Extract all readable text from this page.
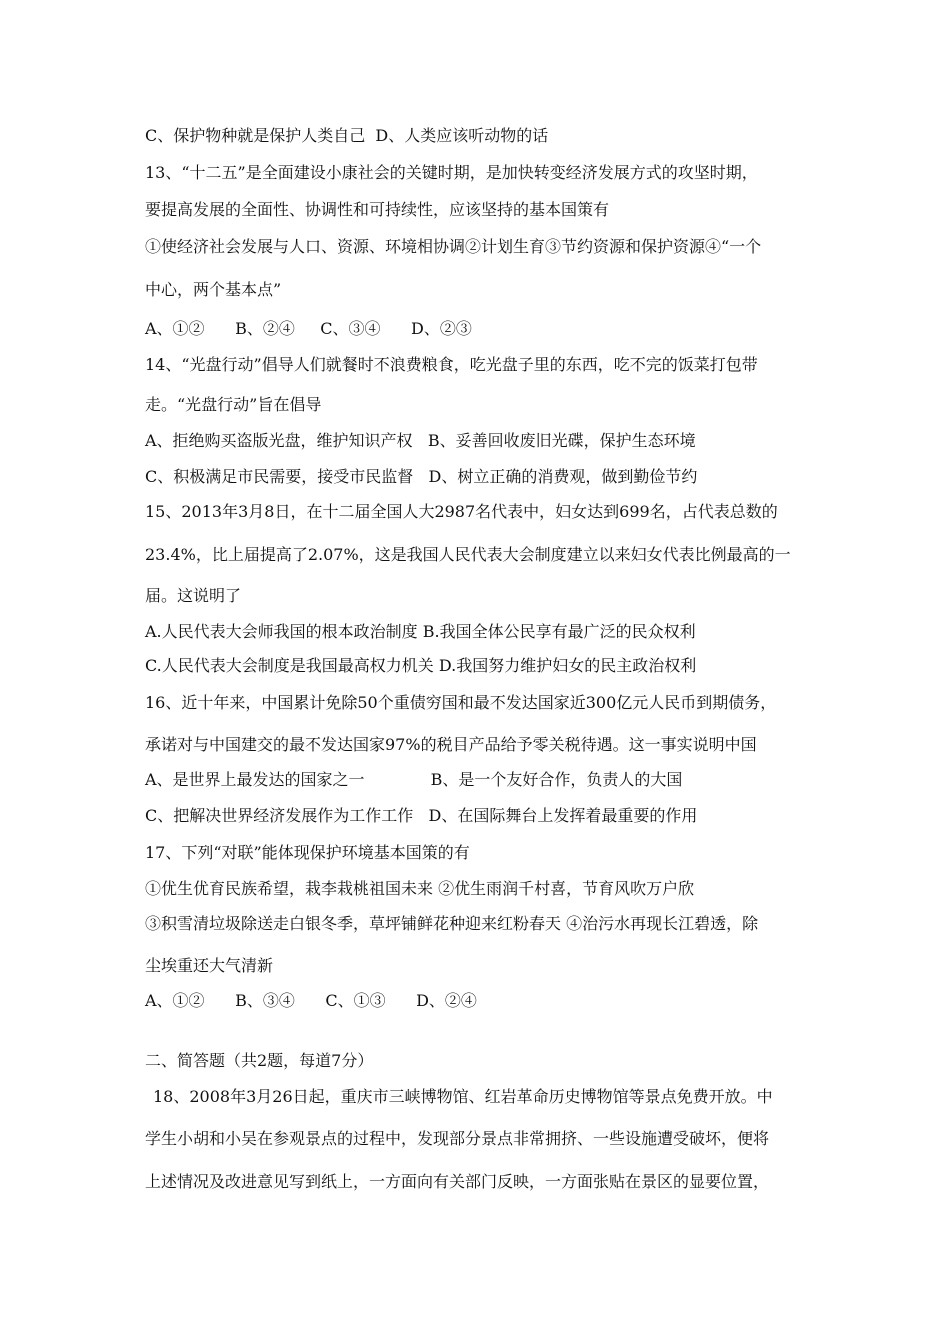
C、保护物种就是保护人类自己  D、人类应该听动物的话
13、“十二五”是全面建设小康社会的关键时期，是加快转变经济发展方式的攻坚时期，
要提高发展的全面性、协调性和可持续性，应该坚持的基本国策有
①使经济社会发展与人口、资源、环境相协调②计划生育③节约资源和保护资源④“一个
中心，两个基本点”
A、①②      B、②④     C、③④      D、②③
14、“光盘行动”倡导人们就餐时不浪费粮食，吃光盘子里的东西，吃不完的饭菜打包带
走。“光盘行动”旨在倡导
A、拒绝购买盗版光盘，维护知识产权   B、妥善回收废旧光碟，保护生态环境
C、积极满足市民需要，接受市民监督   D、树立正确的消费观，做到勤俭节约
15、2013年3月8日，在十二届全国人大2987名代表中，妇女达到699名，占代表总数的
23.4%，比上届提高了2.07%，这是我国人民代表大会制度建立以来妇女代表比例最高的一
届。这说明了
A.人民代表大会师我国的根本政治制度 B.我国全体公民享有最广泛的民众权利
C.人民代表大会制度是我国最高权力机关 D.我国努力维护妇女的民主政治权利
16、近十年来，中国累计免除50个重债穷国和最不发达国家近300亿元人民币到期债务，
承诺对与中国建交的最不发达国家97%的税目产品给予零关税待遇。这一事实说明中国
A、是世界上最发达的国家之一             B、是一个友好合作，负责人的大国
C、把解决世界经济发展作为工作工作   D、在国际舞台上发挥着最重要的作用
17、下列“对联”能体现保护环境基本国策的有
①优生优育民族希望，栽李栽桃祖国未来 ②优生雨润千村喜，节育风吹万户欣
③积雪清垃圾除送走白银冬季，草坪铺鲜花种迎来红粉春天 ④治污水再现长江碧透，除
尘埃重还大气清新
A、①②      B、③④      C、①③      D、②④
二、简答题（共2题，每道7分）
18、2008年3月26日起，重庆市三峡博物馆、红岩革命历史博物馆等景点免费开放。中
学生小胡和小吴在参观景点的过程中，发现部分景点非常拥挤、一些设施遭受破坏，便将
上述情况及改进意见写到纸上，一方面向有关部门反映，一方面张贴在景区的显要位置，
